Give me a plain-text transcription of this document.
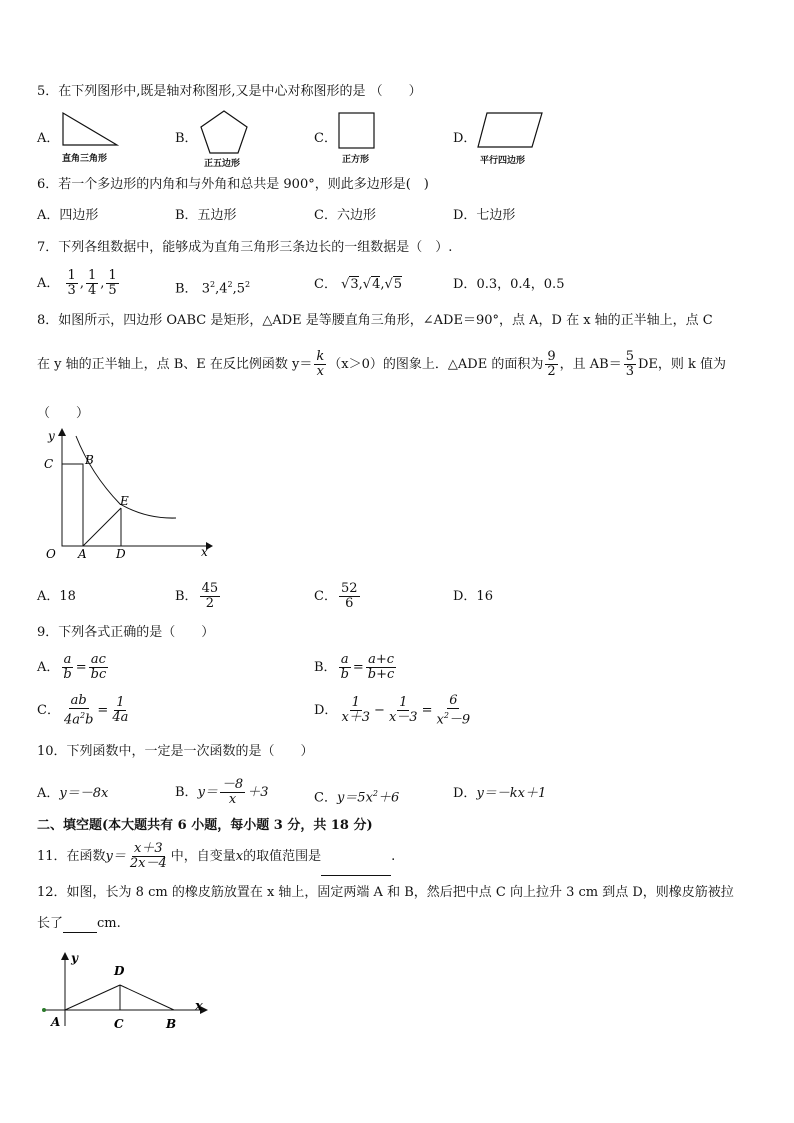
5．在下列图形中,既是轴对称图形,又是中心对称图形的是 （　　）
A．
直角三角形
B．
正五边形
C．
正方形
D．
平行四边形
6．若一个多边形的内角和与外角和总共是 900°，则此多边形是(　)
A．四边形	B．五边形	C．六边形	D．七边形
7．下列各组数据中，能够成为直角三角形三条边长的一组数据是（　）.
A． $\frac{1}{3}$ , $\frac{1}{4}$ , $\frac{1}{5}$	B． $3^2,4^2,5^2$	C． √3,√4,√5	D．0.3，0.4，0.5
8．如图所示，四边形 OABC 是矩形，△ADE 是等腰直角三角形，∠ADE＝90°，点 A，D 在 x 轴的正半轴上，点 C
在 y 轴的正半轴上，点 B、E 在反比例函数 $y= \frac{k}{x} (x>0)$的图象上．△ADE 的面积为 $\frac{9}{2}$ ，且 $AB= \frac{5}{3}$ DE，则 k 值为
（　　）
y
C	B
E
O A D	x
A．18	B． $\frac{45}{2}$	C． $\frac{52}{6}$	D．16
9．下列各式正确的是（　　）
A． $\frac{a}{b} = \frac{ac}{bc}$	B． $\frac{a}{b} = \frac{a+c}{b+c}$
C． $\frac{ab}{4a^2b} = \frac{1}{4a}$	D． $\frac{1}{x+3} - \frac{1}{x-3} = \frac{6}{x^2-9}$
10．下列函数中，一定是一次函数的是（　　）
A．y＝－8x	B．$y= \frac{-8}{x} +3$	C．$y=5x^2+6$	D．y＝－kx＋1
二、填空题(本大题共有 6 小题，每小题 3 分，共 18 分)
11．在函数$y= \frac{x+3}{2x-4}$ 中，自变量x的取值范围是	.
12．如图，长为 8 cm 的橡皮筋放置在 x 轴上，固定两端 A 和 B，然后把中点 C 向上拉升 3 cm 到点 D，则橡皮筋被拉
长了	cm.
y
D
x
A	C	B
